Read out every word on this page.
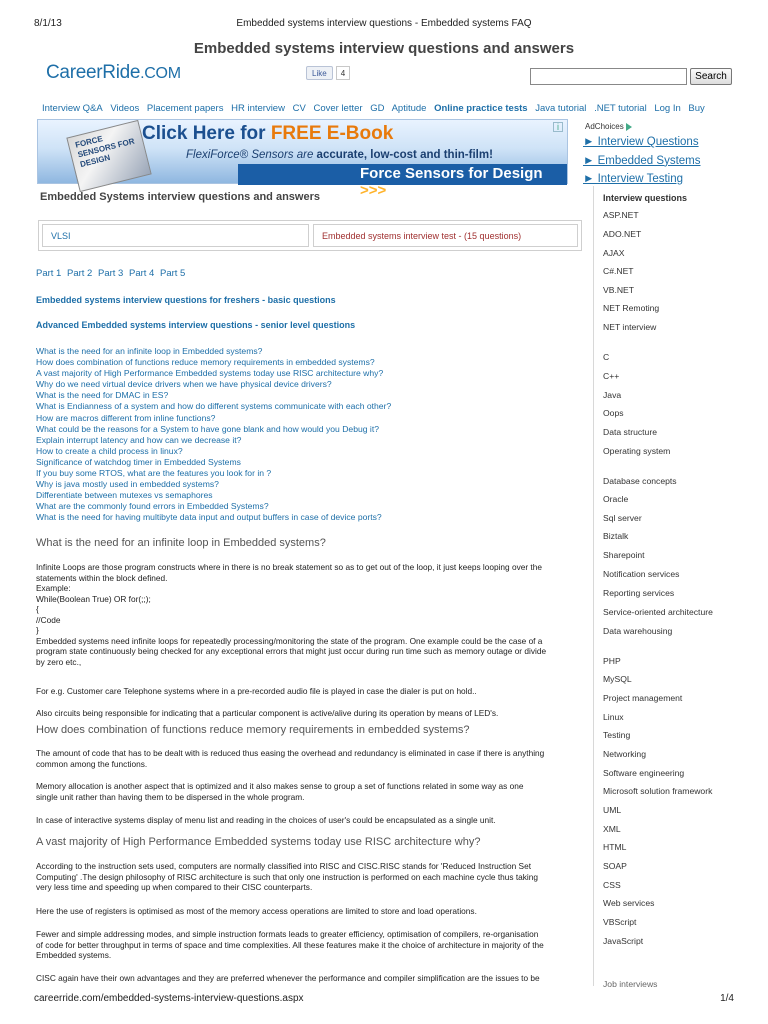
8/1/13	Embedded systems interview questions - Embedded systems FAQ
Embedded systems interview questions and answers
CareerRide.COM	Like	4	Search
Interview Q&A Videos Placement papers HR interview CV Cover letter GD Aptitude Online practice tests Java tutorial .NET tutorial Log In Buy
FORCE SENSORS FOR DESIGN
Click Here for FREE E-Book
FlexiForce® Sensors are accurate, low-cost and thin-film!
Force Sensors for Design >>>
i	AdChoices
► Interview Questions
► Embedded Systems
► Interview Testing
Embedded Systems interview questions and answers
VLSI	Embedded systems interview test - (15 questions)
Part 1 Part 2 Part 3 Part 4 Part 5
Embedded systems interview questions for freshers - basic questions
Advanced Embedded systems interview questions - senior level questions
What is the need for an infinite loop in Embedded systems?
How does combination of functions reduce memory requirements in embedded systems?
A vast majority of High Performance Embedded systems today use RISC architecture why?
Why do we need virtual device drivers when we have physical device drivers?
What is the need for DMAC in ES?
What is Endianness of a system and how do different systems communicate with each other?
How are macros different from inline functions?
What could be the reasons for a System to have gone blank and how would you Debug it?
Explain interrupt latency and how can we decrease it?
How to create a child process in linux?
Significance of watchdog timer in Embedded Systems
If you buy some RTOS, what are the features you look for in ?
Why is java mostly used in embedded systems?
Differentiate between mutexes vs semaphores
What are the commonly found errors in Embedded Systems?
What is the need for having multibyte data input and output buffers in case of device ports?
What is the need for an infinite loop in Embedded systems?
Infinite Loops are those program constructs where in there is no break statement so as to get out of the loop, it just keeps looping over the
statements within the block defined.
Example:
While(Boolean True) OR for(;;);
{
//Code
}
Embedded systems need infinite loops for repeatedly processing/monitoring the state of the program. One example could be the case of a
program state continuously being checked for any exceptional errors that might just occur during run time such as memory outage or divide
by zero etc.,
For e.g. Customer care Telephone systems where in a pre-recorded audio file is played in case the dialer is put on hold..
Also circuits being responsible for indicating that a particular component is active/alive during its operation by means of LED's.
How does combination of functions reduce memory requirements in embedded systems?
The amount of code that has to be dealt with is reduced thus easing the overhead and redundancy is eliminated in case if there is anything
common among the functions.
Memory allocation is another aspect that is optimized and it also makes sense to group a set of functions related in some way as one
single unit rather than having them to be dispersed in the whole program.
In case of interactive systems display of menu list and reading in the choices of user's could be encapsulated as a single unit.
A vast majority of High Performance Embedded systems today use RISC architecture why?
According to the instruction sets used, computers are normally classified into RISC and CISC.RISC stands for 'Reduced Instruction Set
Computing' .The design philosophy of RISC architecture is such that only one instruction is performed on each machine cycle thus taking
very less time and speeding up when compared to their CISC counterparts.
Here the use of registers is optimised as most of the memory access operations are limited to store and load operations.
Fewer and simple addressing modes, and simple instruction formats leads to greater efficiency, optimisation of compilers, re-organisation
of code for better throughput in terms of space and time complexities. All these features make it the choice of architecture in majority of the
Embedded systems.
CISC again have their own advantages and they are preferred whenever the performance and compiler simplification are the issues to be
Interview questions
ASP.NET
ADO.NET
AJAX
C#.NET
VB.NET
NET Remoting
NET interview
C
C++
Java
Oops
Data structure
Operating system
Database concepts
Oracle
Sql server
Biztalk
Sharepoint
Notification services
Reporting services
Service-oriented architecture
Data warehousing
PHP
MySQL
Project management
Linux
Testing
Networking
Software engineering
Microsoft solution framework
UML
XML
HTML
SOAP
CSS
Web services
VBScript
JavaScript
Job interviews
careerride.com/embedded-systems-interview-questions.aspx	1/4
